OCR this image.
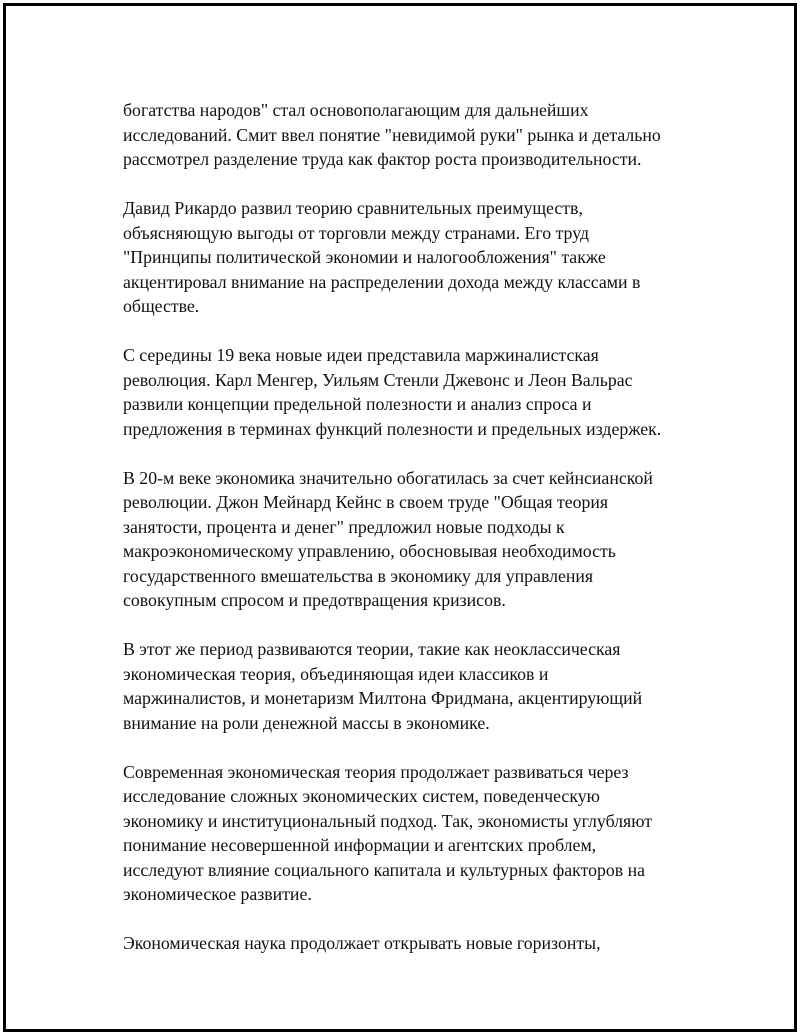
богатства народов" стал основополагающим для дальнейших
исследований. Смит ввел понятие "невидимой руки" рынка и детально
рассмотрел разделение труда как фактор роста производительности.

Давид Рикардо развил теорию сравнительных преимуществ,
объясняющую выгоды от торговли между странами. Его труд
"Принципы политической экономии и налогообложения" также
акцентировал внимание на распределении дохода между классами в
обществе.

С середины 19 века новые идеи представила маржиналистская
революция. Карл Менгер, Уильям Стенли Джевонс и Леон Вальрас
развили концепции предельной полезности и анализ спроса и
предложения в терминах функций полезности и предельных издержек.

В 20-м веке экономика значительно обогатилась за счет кейнсианской
революции. Джон Мейнард Кейнс в своем труде "Общая теория
занятости, процента и денег" предложил новые подходы к
макроэкономическому управлению, обосновывая необходимость
государственного вмешательства в экономику для управления
совокупным спросом и предотвращения кризисов.

В этот же период развиваются теории, такие как неоклассическая
экономическая теория, объединяющая идеи классиков и
маржиналистов, и монетаризм Милтона Фридмана, акцентирующий
внимание на роли денежной массы в экономике.

Современная экономическая теория продолжает развиваться через
исследование сложных экономических систем, поведенческую
экономику и институциональный подход. Так, экономисты углубляют
понимание несовершенной информации и агентских проблем,
исследуют влияние социального капитала и культурных факторов на
экономическое развитие.

Экономическая наука продолжает открывать новые горизонты,
